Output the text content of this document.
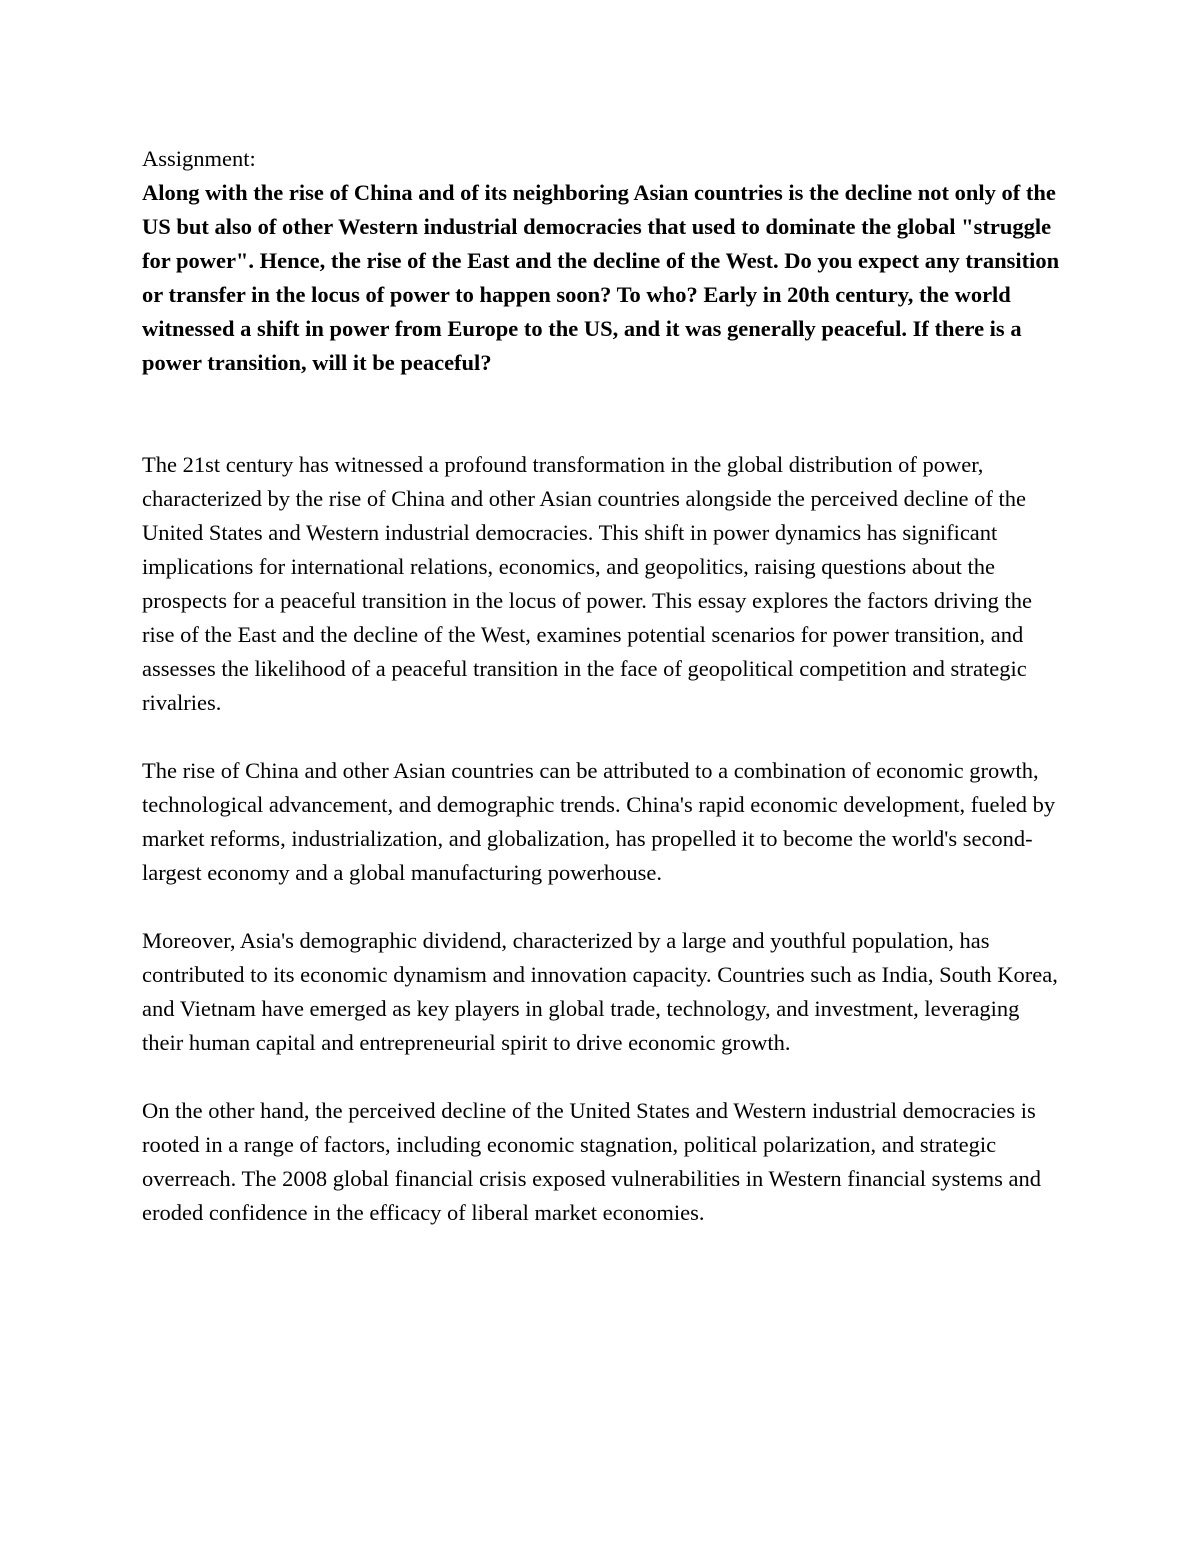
Assignment:

Along with the rise of China and of its neighboring Asian countries is the decline not only of the US but also of other Western industrial democracies that used to dominate the global "struggle for power". Hence, the rise of the East and the decline of the West. Do you expect any transition or transfer in the locus of power to happen soon? To who? Early in 20th century, the world witnessed a shift in power from Europe to the US, and it was generally peaceful. If there is a power transition, will it be peaceful?

The 21st century has witnessed a profound transformation in the global distribution of power, characterized by the rise of China and other Asian countries alongside the perceived decline of the United States and Western industrial democracies. This shift in power dynamics has significant implications for international relations, economics, and geopolitics, raising questions about the prospects for a peaceful transition in the locus of power. This essay explores the factors driving the rise of the East and the decline of the West, examines potential scenarios for power transition, and assesses the likelihood of a peaceful transition in the face of geopolitical competition and strategic rivalries.

The rise of China and other Asian countries can be attributed to a combination of economic growth, technological advancement, and demographic trends. China's rapid economic development, fueled by market reforms, industrialization, and globalization, has propelled it to become the world's second-largest economy and a global manufacturing powerhouse.

Moreover, Asia's demographic dividend, characterized by a large and youthful population, has contributed to its economic dynamism and innovation capacity. Countries such as India, South Korea, and Vietnam have emerged as key players in global trade, technology, and investment, leveraging their human capital and entrepreneurial spirit to drive economic growth.

On the other hand, the perceived decline of the United States and Western industrial democracies is rooted in a range of factors, including economic stagnation, political polarization, and strategic overreach. The 2008 global financial crisis exposed vulnerabilities in Western financial systems and eroded confidence in the efficacy of liberal market economies.
